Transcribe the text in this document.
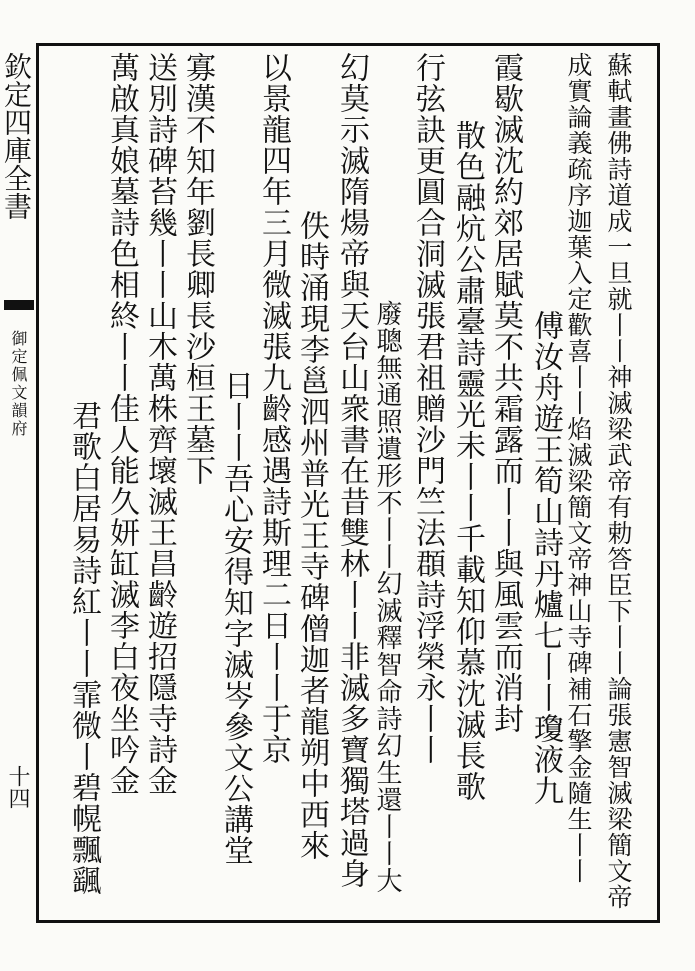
欽定四庫全書
御定佩文韻府
十四	蘇軾畫佛詩道成一旦就丨丨神滅梁武帝有勅答臣下丨丨論張憲智滅梁簡文帝
成實論義疏序迦葉入定歡喜丨丨焰滅梁簡文帝神山寺碑補石擎金隨生丨丨
傅汝舟遊王筍山詩丹爐七丨丨瓊液九
霞歇滅沈約郊居賦莫不共霜露而丨丨與風雲而消封
散色融炕公肅臺詩靈光未丨丨千載知仰慕沈滅長歌
行弦訣更圓合洞滅張君祖贈沙門竺法頵詩浮榮永丨丨
廢聰無通照遺形不丨丨幻滅釋智命詩幻生還丨丨大
幻莫示滅隋煬帝與天台山衆書在昔雙林丨丨非滅多寶獨塔過身
佚時涌現李邕泗州普光王寺碑僧迦者龍朔中西來
以景龍四年三月微滅張九齡感遇詩斯理二日丨丨于京
日丨丨吾心安得知字滅岑參文公講堂
寡漢不知年劉長卿長沙桓王墓下
送別詩碑苔幾丨丨山木萬株齊壞滅王昌齡遊招隱寺詩金
萬啟真娘墓詩色相終丨丨佳人能久妍缸滅李白夜坐吟金
君歌白居易詩紅丨丨霏微丨碧幌飄颻
